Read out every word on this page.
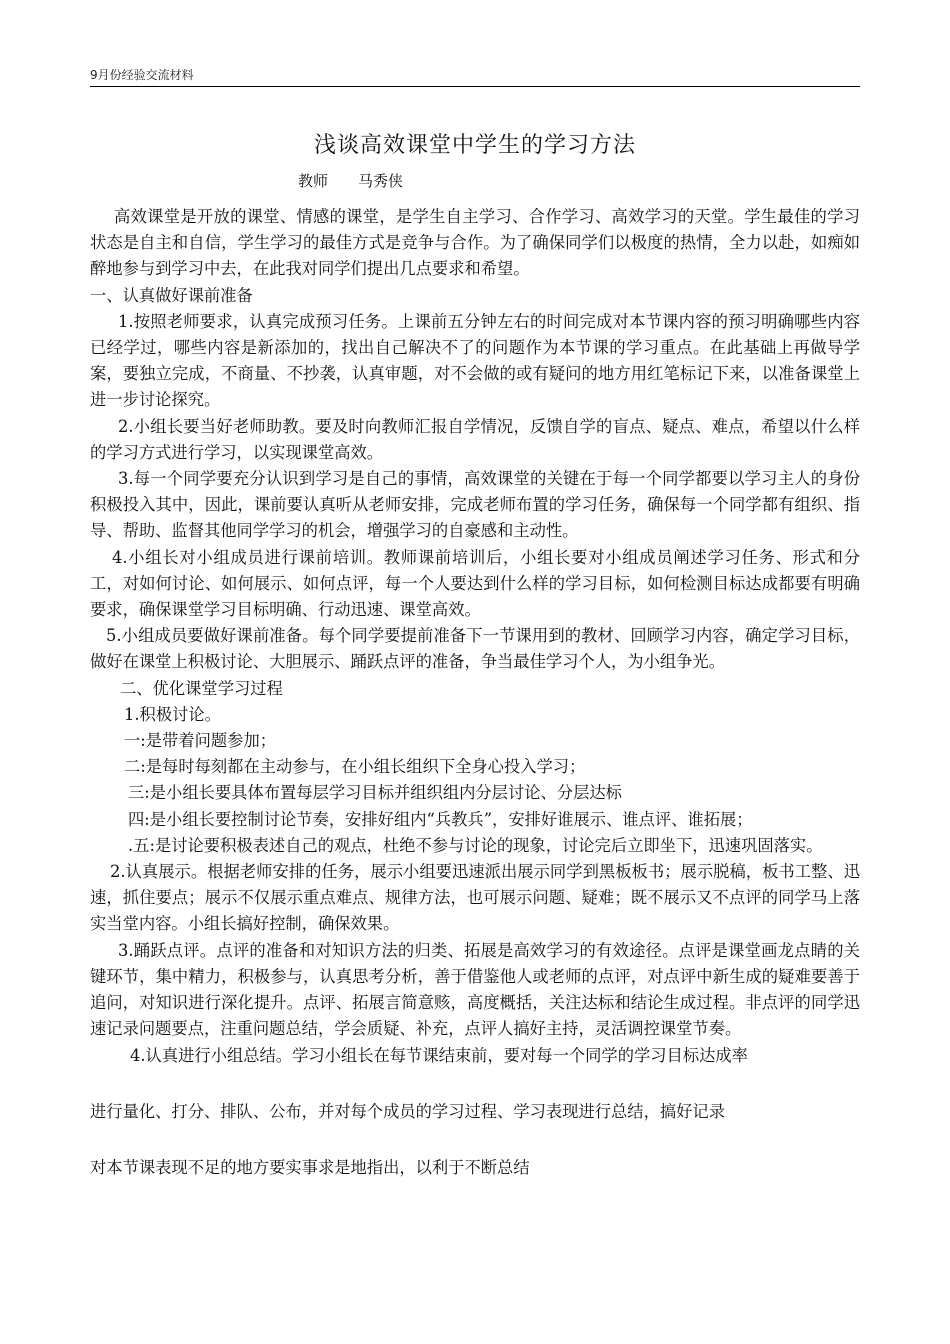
9月份经验交流材料
浅谈高效课堂中学生的学习方法
教师 马秀侠

高效课堂是开放的课堂、情感的课堂，是学生自主学习、合作学习、高效学习的天堂。学生最佳的学习状态是自主和自信，学生学习的最佳方式是竞争与合作。为了确保同学们以极度的热情，全力以赴，如痴如醉地参与到学习中去，在此我对同学们提出几点要求和希望。

一、认真做好课前准备

1.按照老师要求，认真完成预习任务。上课前五分钟左右的时间完成对本节课内容的预习明确哪些内容已经学过，哪些内容是新添加的，找出自己解决不了的问题作为本节课的学习重点。在此基础上再做导学案，要独立完成，不商量、不抄袭，认真审题，对不会做的或有疑问的地方用红笔标记下来，以准备课堂上进一步讨论探究。

2.小组长要当好老师助教。要及时向教师汇报自学情况，反馈自学的盲点、疑点、难点，希望以什么样的学习方式进行学习，以实现课堂高效。

3.每一个同学要充分认识到学习是自己的事情，高效课堂的关键在于每一个同学都要以学习主人的身份积极投入其中，因此，课前要认真听从老师安排，完成老师布置的学习任务，确保每一个同学都有组织、指导、帮助、监督其他同学学习的机会，增强学习的自豪感和主动性。

4.小组长对小组成员进行课前培训。教师课前培训后，小组长要对小组成员阐述学习任务、形式和分工，对如何讨论、如何展示、如何点评，每一个人要达到什么样的学习目标，如何检测目标达成都要有明确要求，确保课堂学习目标明确、行动迅速、课堂高效。

5.小组成员要做好课前准备。每个同学要提前准备下一节课用到的教材、回顾学习内容，确定学习目标，做好在课堂上积极讨论、大胆展示、踊跃点评的准备，争当最佳学习个人，为小组争光。

二、优化课堂学习过程

1.积极讨论。

一:是带着问题参加；

二:是每时每刻都在主动参与，在小组长组织下全身心投入学习；

三:是小组长要具体布置每层学习目标并组织组内分层讨论、分层达标

四:是小组长要控制讨论节奏，安排好组内“兵教兵”，安排好谁展示、谁点评、谁拓展；

.五:是讨论要积极表述自己的观点，杜绝不参与讨论的现象，讨论完后立即坐下，迅速巩固落实。

2.认真展示。根据老师安排的任务，展示小组要迅速派出展示同学到黑板板书；展示脱稿，板书工整、迅速，抓住要点；展示不仅展示重点难点、规律方法，也可展示问题、疑难；既不展示又不点评的同学马上落实当堂内容。小组长搞好控制，确保效果。

3.踊跃点评。点评的准备和对知识方法的归类、拓展是高效学习的有效途径。点评是课堂画龙点睛的关键环节，集中精力，积极参与，认真思考分析，善于借鉴他人或老师的点评，对点评中新生成的疑难要善于追问，对知识进行深化提升。点评、拓展言简意赅，高度概括，关注达标和结论生成过程。非点评的同学迅速记录问题要点，注重问题总结，学会质疑、补充，点评人搞好主持，灵活调控课堂节奏。

4.认真进行小组总结。学习小组长在每节课结束前，要对每一个同学的学习目标达成率

进行量化、打分、排队、公布，并对每个成员的学习过程、学习表现进行总结，搞好记录

对本节课表现不足的地方要实事求是地指出，以利于不断总结
